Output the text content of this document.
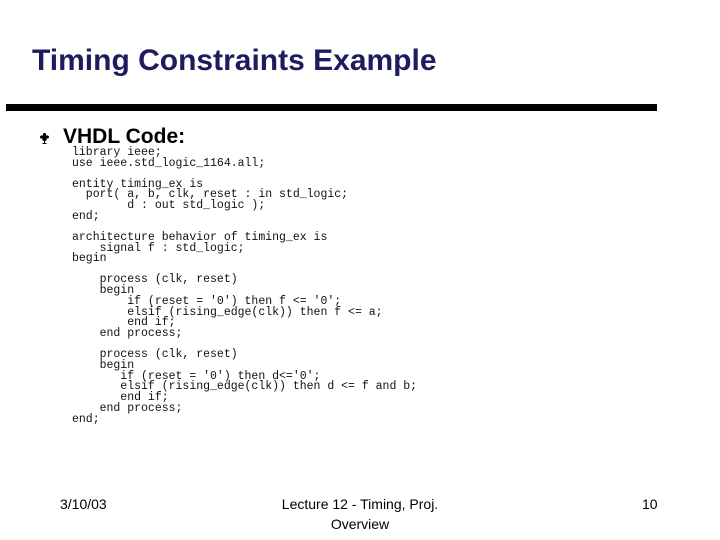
Timing Constraints Example
VHDL Code:
library ieee;
use ieee.std_logic_1164.all;
entity timing_ex is
port( a, b, clk, reset : in std_logic;
d : out std_logic );
end;
architecture behavior of timing_ex is
signal f : std_logic;
begin
process (clk, reset)
begin
if (reset = '0') then f <= '0';
elsif (rising_edge(clk)) then f <= a;
end if;
end process;
process (clk, reset)
begin
if (reset = '0') then d<='0';
elsif (rising_edge(clk)) then d <= f and b;
end if;
end process;
end;
3/10/03	Lecture 12 - Timing, Proj.
Overview
10
